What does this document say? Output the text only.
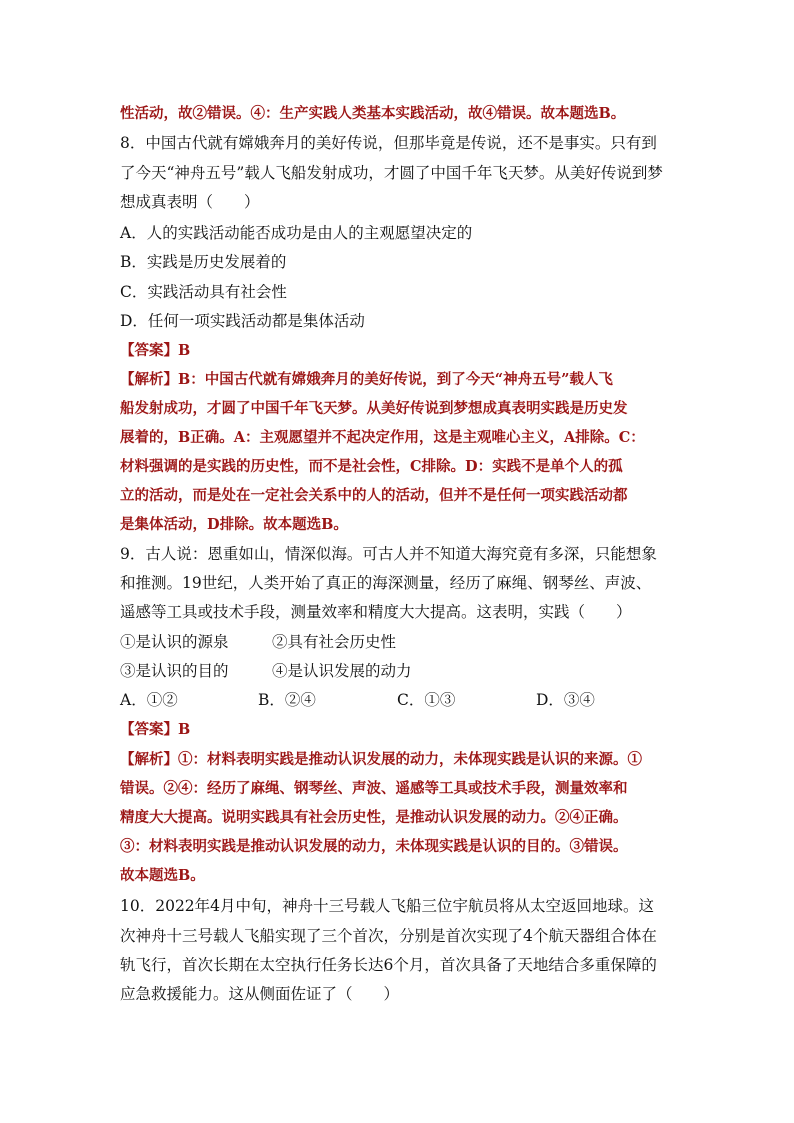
性活动，故②错误。④：生产实践人类基本实践活动，故④错误。故本题选B。
8．中国古代就有嫦娥奔月的美好传说，但那毕竟是传说，还不是事实。只有到
了今天“神舟五号”载人飞船发射成功，才圆了中国千年飞天梦。从美好传说到梦
想成真表明（　　）
A．人的实践活动能否成功是由人的主观愿望决定的
B．实践是历史发展着的
C．实践活动具有社会性
D．任何一项实践活动都是集体活动
【答案】B
【解析】B：中国古代就有嫦娥奔月的美好传说，到了今天“神舟五号”载人飞
船发射成功，才圆了中国千年飞天梦。从美好传说到梦想成真表明实践是历史发
展着的，B正确。A：主观愿望并不起决定作用，这是主观唯心主义，A排除。C：
材料强调的是实践的历史性，而不是社会性，C排除。D：实践不是单个人的孤
立的活动，而是处在一定社会关系中的人的活动，但并不是任何一项实践活动都
是集体活动，D排除。故本题选B。
9．古人说：恩重如山，情深似海。可古人并不知道大海究竟有多深，只能想象
和推测。19世纪，人类开始了真正的海深测量，经历了麻绳、钢琴丝、声波、
遥感等工具或技术手段，测量效率和精度大大提高。这表明，实践（　　）
①是认识的源泉	②具有社会历史性
③是认识的目的	④是认识发展的动力
A．①②	B．②④	C．①③	D．③④
【答案】B
【解析】①：材料表明实践是推动认识发展的动力，未体现实践是认识的来源。①
错误。②④：经历了麻绳、钢琴丝、声波、遥感等工具或技术手段，测量效率和
精度大大提高。说明实践具有社会历史性，是推动认识发展的动力。②④正确。
③：材料表明实践是推动认识发展的动力，未体现实践是认识的目的。③错误。
故本题选B。
10．2022年4月中旬，神舟十三号载人飞船三位宇航员将从太空返回地球。这
次神舟十三号载人飞船实现了三个首次，分别是首次实现了4个航天器组合体在
轨飞行，首次长期在太空执行任务长达6个月，首次具备了天地结合多重保障的
应急救援能力。这从侧面佐证了（　　）
